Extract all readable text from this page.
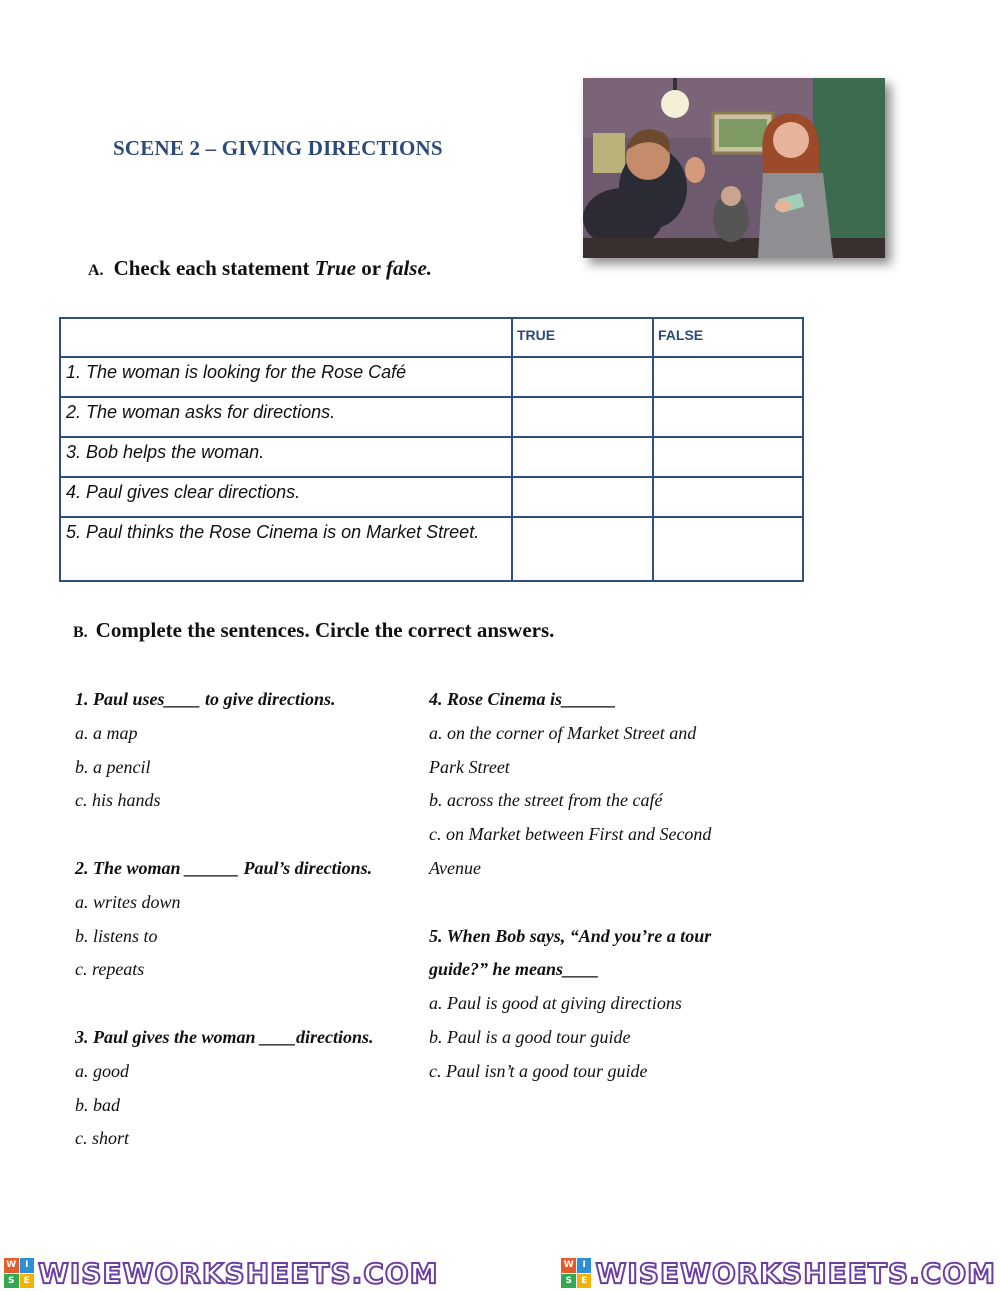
SCENE 2 – GIVING DIRECTIONS
A. Check each statement True or false.
	TRUE	FALSE
1. The woman is looking for the Rose Café		
2. The woman asks for directions.		
3. Bob helps the woman.		
4. Paul gives clear directions.		
5. Paul thinks the Rose Cinema is on Market Street.		
B. Complete the sentences. Circle the correct answers.
1. Paul uses____ to give directions.
a. a map
b. a pencil
c. his hands
2. The woman ______ Paul’s directions.
a. writes down
b. listens to
c. repeats
3. Paul gives the woman ____directions.
a. good
b. bad
c. short
4. Rose Cinema is______
a. on the corner of Market Street and
Park Street
b. across the street from the café
c. on Market between First and Second
Avenue
5. When Bob says, “And you’re a tour
guide?” he means____
a. Paul is good at giving directions
b. Paul is a good tour guide
c. Paul isn’t a good tour guide
W I
S	E WISEWORKSHEETS.COM	W I
S	E WISEWORKSHEETS.COM
